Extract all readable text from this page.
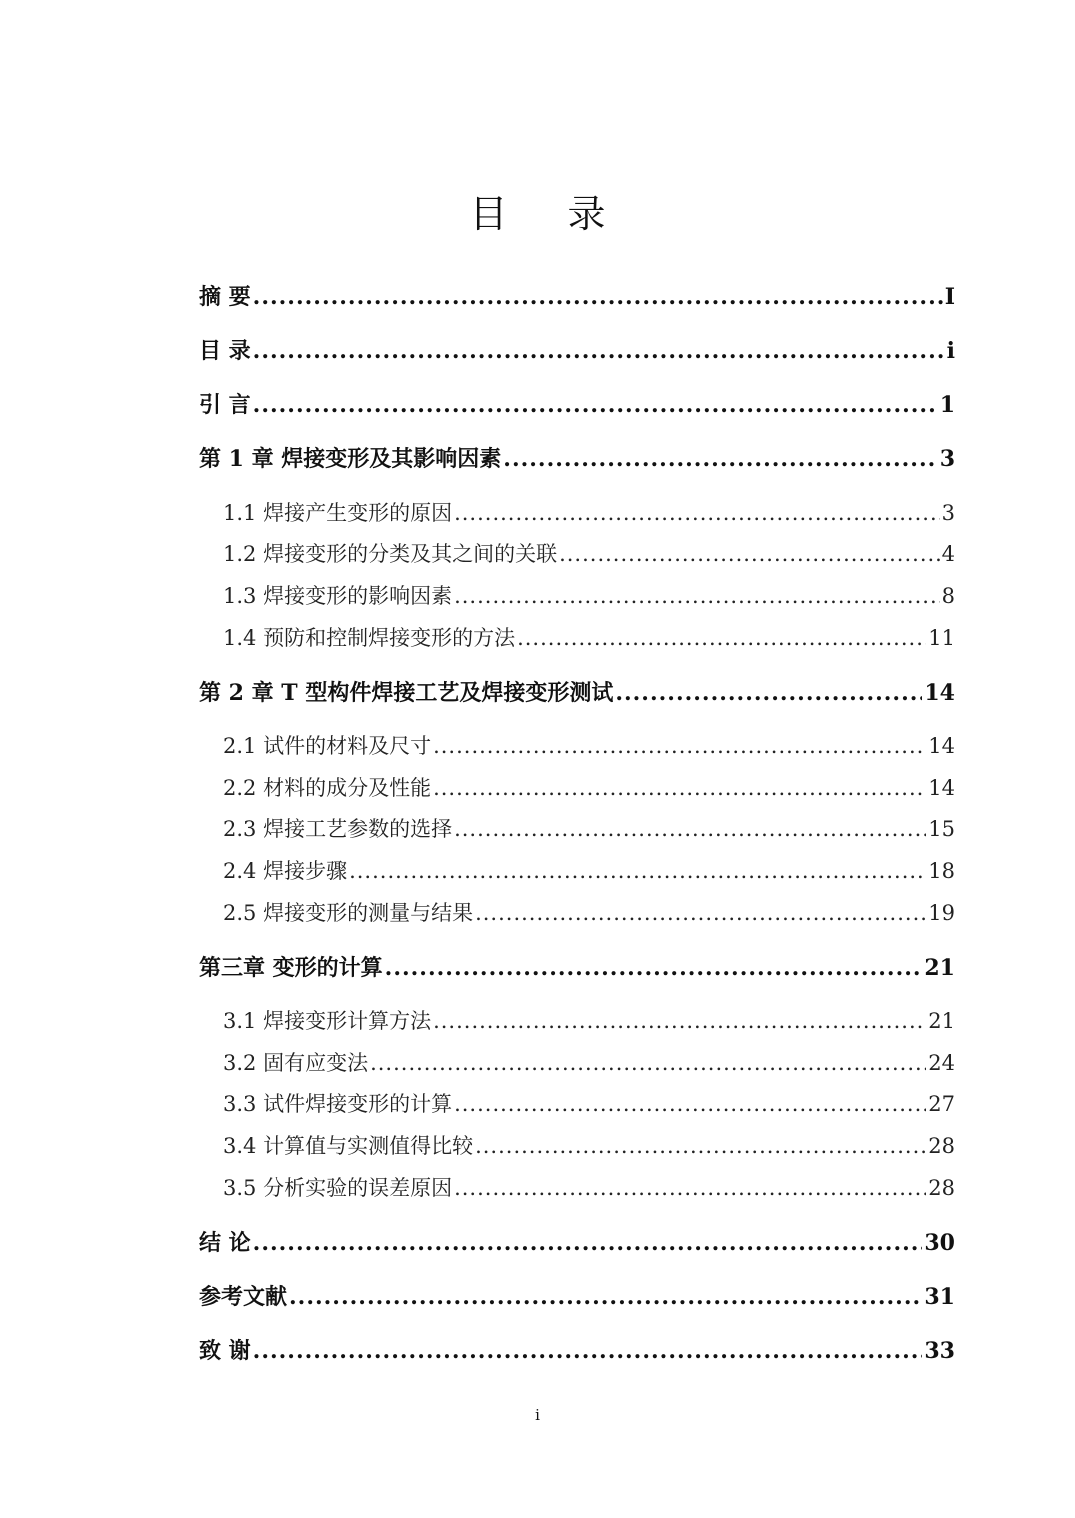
目 录
摘 要 .....	I
目 录 .....	i
引 言 .....	1
第 1 章 焊接变形及其影响因素 .....	3
1.1 焊接产生变形的原因 .....	3
1.2 焊接变形的分类及其之间的关联 .....	4
1.3 焊接变形的影响因素 .....	8
1.4 预防和控制焊接变形的方法 .....	11
第 2 章 T 型构件焊接工艺及焊接变形测试 .....	14
2.1 试件的材料及尺寸 .....	14
2.2 材料的成分及性能 .....	14
2.3 焊接工艺参数的选择 .....	15
2.4 焊接步骤 .....	18
2.5 焊接变形的测量与结果 .....	19
第三章 变形的计算 .....	21
3.1 焊接变形计算方法 .....	21
3.2 固有应变法 .....	24
3.3 试件焊接变形的计算 .....	27
3.4 计算值与实测值得比较 .....	28
3.5 分析实验的误差原因 .....	28
结 论 .....	30
参考文献 .....	31
致 谢 .....	33
i
